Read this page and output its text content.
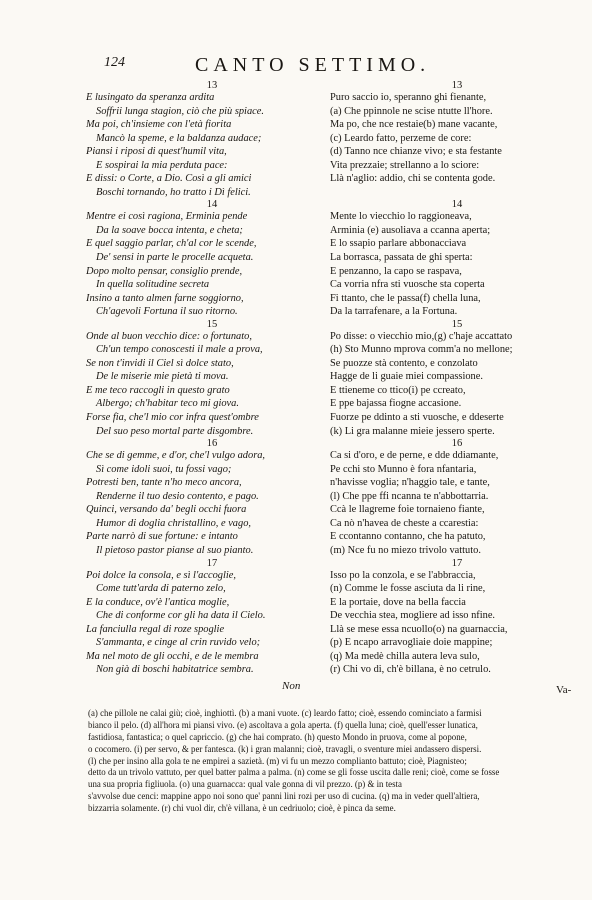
124	CANTO SETTIMO.
13
E lusingato da speranza ardita
Soffrii lunga stagion, ciò che più spiace.
Ma poi, ch'insieme con l'età fiorita
Mancò la speme, e la baldanza audace;
Piansi i riposi di quest'humil vita,
E sospirai la mia perduta pace:
E dissi: o Corte, a Dio. Così a gli amici
Boschi tornando, ho tratto i Dì felici.
14
Mentre ei così ragiona, Erminia pende
Da la soave bocca intenta, e cheta;
E quel saggio parlar, ch'al cor le scende,
De' sensi in parte le procelle acqueta.
Dopo molto pensar, consiglio prende,
In quella solitudine secreta
Insino a tanto almen farne soggiorno,
Ch'agevoli Fortuna il suo ritorno.
15
Onde al buon vecchio dice: o fortunato,
Ch'un tempo conoscesti il male a prova,
Se non t'invidi il Ciel sì dolce stato,
De le miserie mie pietà ti mova.
E me teco raccogli in questo grato
Albergo; ch'habitar teco mi giova.
Forse fia, che'l mio cor infra quest'ombre
Del suo peso mortal parte disgombre.
16
Che se di gemme, e d'or, che'l vulgo adora,
Sì come idoli suoi, tu fossi vago;
Potresti ben, tante n'ho meco ancora,
Renderne il tuo desio contento, e pago.
Quinci, versando da' begli occhi fuora
Humor di doglia christallino, e vago,
Parte narrò di sue fortune: e intanto
Il pietoso pastor pianse al suo pianto.
17
Poi dolce la consola, e sì l'accoglie,
Come tutt'arda di paterno zelo,
E la conduce, ov'è l'antica moglie,
Che di conforme cor gli ha data il Cielo.
La fanciulla regal di roze spoglie
S'ammanta, e cinge al crin ruvido velo;
Ma nel moto de gli occhi, e de le membra
Non già di boschi habitatrice sembra.
13
Puro saccio io, speranno ghi fienante,
(a) Che ppinnole ne scise ntutte ll'hore.
Ma po, che nce restaie(b) mane vacante,
(c) Leardo fatto, perzeme de core:
(d) Tanno nce chianze vivo; e sta festante
Vita prezzaie; strellanno a lo sciore:
Llà n'aglio: addio, chi se contenta gode.
14
Mente lo viecchio lo raggioneava,
Arminia (e) ausoliava a ccanna aperta;
E lo ssapio parlare abbonacciava
La borrasca, passata de ghi sperta:
E penzanno, la capo se raspava,
Ca vorria nfra sti vuosche sta coperta
Fi ttanto, che le passa(f) chella luna,
Da la tarrafenare, a la Fortuna.
15
Po disse: o viecchio mio,(g) c'haje accattato
(h) Sto Munno mprova comm'a no mellone;
Se puozze stà contento, e conzolato
Hagge de li guaie miei compassione.
E ttieneme co ttico(i) pe ccreato,
E ppe bajassa fiogne accasione.
Fuorze pe ddinto a sti vuosche, e ddeserte
(k) Li gra malanne mieie jessero sperte.
16
Ca si d'oro, e de perne, e dde ddiamante,
Pe cchi sto Munno è fora nfantaria,
n'havisse voglia; n'haggio tale, e tante,
(l) Che ppe ffi ncanna te n'abbottarria.
Ccà le llagreme foie tornaieno fiante,
Ca nò n'havea de cheste a ccarestia:
E ccontanno contanno, che ha patuto,
(m) Nce fu no miezo trivolo vattuto.
17
Isso po la conzola, e se l'abbraccia,
(n) Comme le fosse asciuta da li rine,
E la portaie, dove na bella faccia
De vecchia stea, mogliere ad isso nfine.
Llà se mese essa ncuollo(o) na guarnaccia,
(p) E ncapo arravogliaie doie mappine;
(q) Ma medè chilla autera leva sulo,
(r) Chi vo di, ch'è billana, è no cetrulo.
Non	Va-
(a) che pillole ne calai giù; cioè, inghiottì. (b) a mani vuote. (c) leardo fatto; cioè, essendo cominciato a farmisi
bianco il pelo. (d) all'hora mi piansi vivo. (e) ascoltava a gola aperta. (f) quella luna; cioè, quell'esser lunatica,
fastidiosa, fantastica; o quel capriccio. (g) che hai comprato. (h) questo Mondo in pruova, come al popone,
o cocomero. (i) per servo, & per fantesca. (k) i gran malanni; cioè, travagli, o sventure miei andassero dispersi.
(l) che per insino alla gola te ne empirei a sazietà. (m) vi fu un mezzo complianto battuto; cioè, Piagnisteo;
detto da un trivolo vattuto, per quel batter palma a palma. (n) come se gli fosse uscita dalle reni; cioè, come se fosse
una sua propria figliuola. (o) una guarnacca: qual vale gonna di vil prezzo. (p) & in testa
s'avvolse due cenci: mappine appo noi sono que' panni lini rozi per uso di cucina. (q) ma in veder quell'altiera,
bizzarria solamente. (r) chi vuol dir, ch'è villana, è un cedriuolo; cioè, è pinca da seme.
